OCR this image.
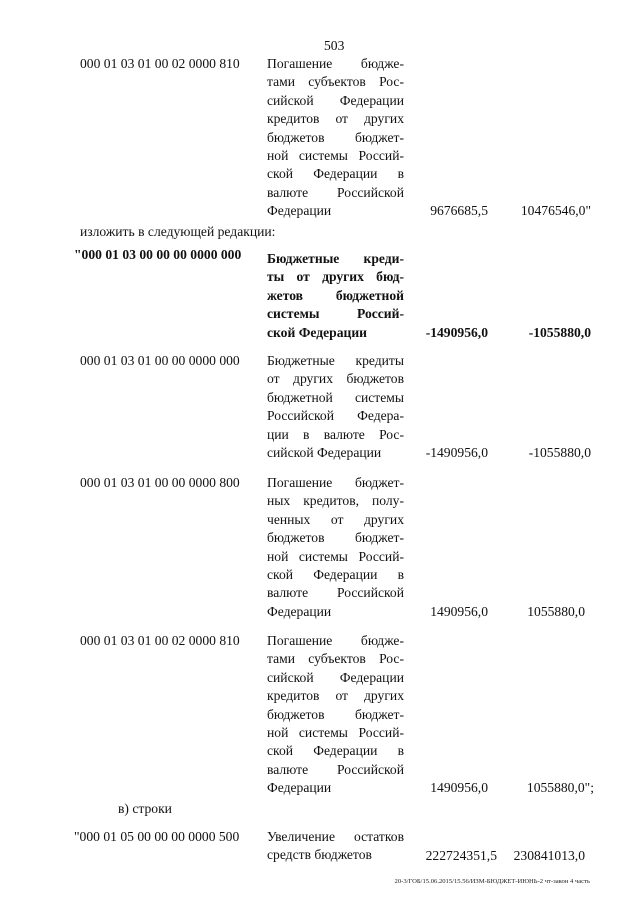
503
000 01 03 01 00 02 0000 810 Погашение бюдже-
тами субъектов Рос-
сийской Федерации
кредитов от других
бюджетов бюджет-
ной системы Россий-
ской Федерации в
валюте Российской
Федерации	9676685,5 10476546,0"
изложить в следующей редакции:
"000 01 03 00 00 00 0000 000 Бюджетные креди-
ты от других бюд-
жетов бюджетной
системы Россий-
ской Федерации	-1490956,0	-1055880,0
000 01 03 01 00 00 0000 000 Бюджетные кредиты
от других бюджетов
бюджетной системы
Российской Федера-
ции в валюте Рос-
сийской Федерации	-1490956,0	-1055880,0
000 01 03 01 00 00 0000 800 Погашение бюджет-
ных кредитов, полу-
ченных от других
бюджетов бюджет-
ной системы Россий-
ской Федерации в
валюте Российской
Федерации	1490956,0	1055880,0
000 01 03 01 00 02 0000 810 Погашение бюдже-
тами субъектов Рос-
сийской Федерации
кредитов от других
бюджетов бюджет-
ной системы Россий-
ской Федерации в
валюте Российской
Федерации	1490956,0	1055880,0";
в) строки
"000 01 05 00 00 00 0000 500 Увеличение остатков
средств бюджетов	222724351,5 230841013,0
20-3/ГОБ/15.06.2015/15.56/ИЗМ-БЮДЖЕТ-ИЮНЬ-2 чт-закон 4 часть
